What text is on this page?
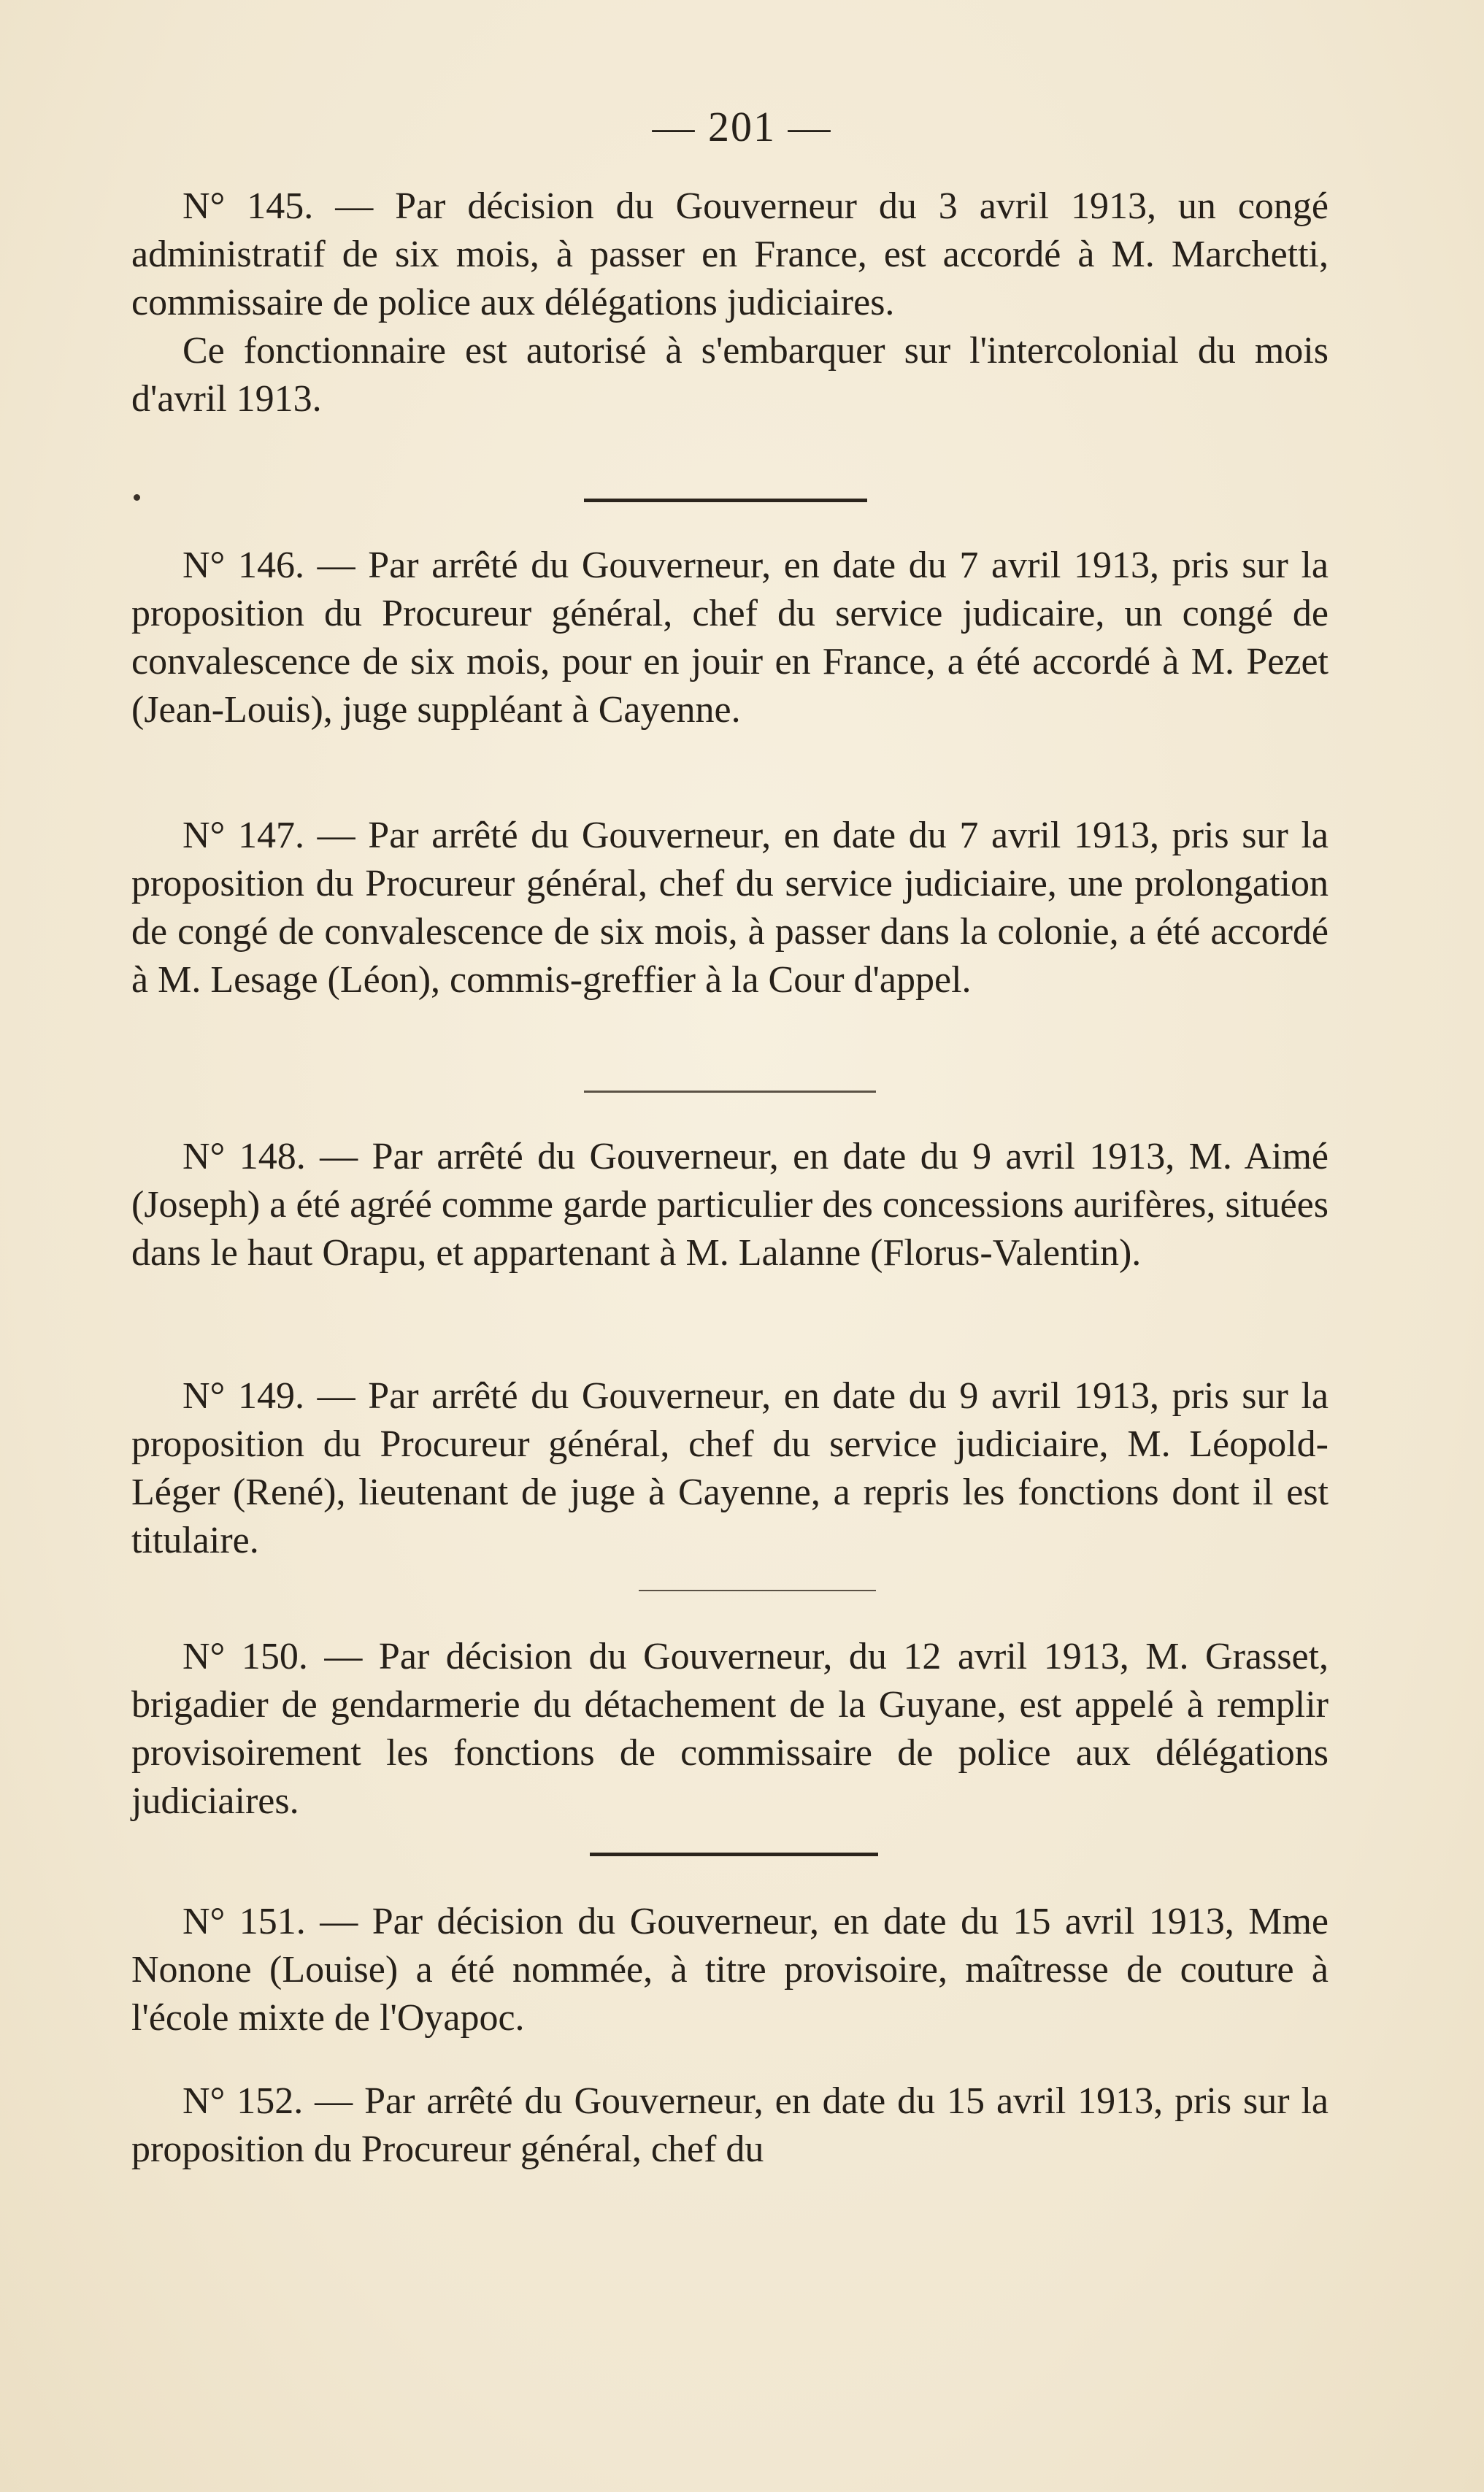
— 201 —

N° 145. — Par décision du Gouverneur du 3 avril 1913, un congé administratif de six mois, à passer en France, est accordé à M. Marchetti, commissaire de police aux délégations judiciaires.

Ce fonctionnaire est autorisé à s'embarquer sur l'intercolonial du mois d'avril 1913.

N° 146. — Par arrêté du Gouverneur, en date du 7 avril 1913, pris sur la proposition du Procureur général, chef du service judicaire, un congé de convalescence de six mois, pour en jouir en France, a été accordé à M. Pezet (Jean-Louis), juge suppléant à Cayenne.

N° 147. — Par arrêté du Gouverneur, en date du 7 avril 1913, pris sur la proposition du Procureur général, chef du service judiciaire, une prolongation de congé de convalescence de six mois, à passer dans la colonie, a été accordé à M. Lesage (Léon), commis-greffier à la Cour d'appel.

N° 148. — Par arrêté du Gouverneur, en date du 9 avril 1913, M. Aimé (Joseph) a été agréé comme garde particulier des concessions aurifères, situées dans le haut Orapu, et appartenant à M. Lalanne (Florus-Valentin).

N° 149. — Par arrêté du Gouverneur, en date du 9 avril 1913, pris sur la proposition du Procureur général, chef du service judiciaire, M. Léopold-Léger (René), lieutenant de juge à Cayenne, a repris les fonctions dont il est titulaire.

N° 150. — Par décision du Gouverneur, du 12 avril 1913, M. Grasset, brigadier de gendarmerie du détachement de la Guyane, est appelé à remplir provisoirement les fonctions de commissaire de police aux délégations judiciaires.

N° 151. — Par décision du Gouverneur, en date du 15 avril 1913, Mme Nonone (Louise) a été nommée, à titre provisoire, maîtresse de couture à l'école mixte de l'Oyapoc.

N° 152. — Par arrêté du Gouverneur, en date du 15 avril 1913, pris sur la proposition du Procureur général, chef du
